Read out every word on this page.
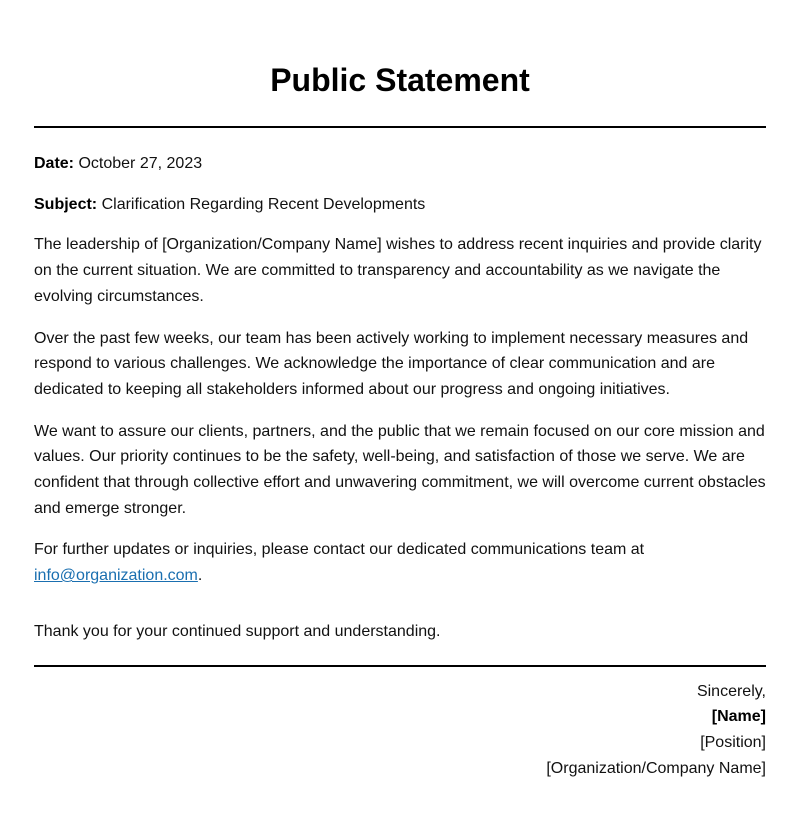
Public Statement

Date: October 27, 2023

Subject: Clarification Regarding Recent Developments

The leadership of [Organization/Company Name] wishes to address recent inquiries and provide clarity on the current situation. We are committed to transparency and accountability as we navigate the evolving circumstances.

Over the past few weeks, our team has been actively working to implement necessary measures and respond to various challenges. We acknowledge the importance of clear communication and are dedicated to keeping all stakeholders informed about our progress and ongoing initiatives.

We want to assure our clients, partners, and the public that we remain focused on our core mission and values. Our priority continues to be the safety, well-being, and satisfaction of those we serve. We are confident that through collective effort and unwavering commitment, we will overcome current obstacles and emerge stronger.

For further updates or inquiries, please contact our dedicated communications team at info@organization.com.

Thank you for your continued support and understanding.

Sincerely,
[Name]
[Position]
[Organization/Company Name]
